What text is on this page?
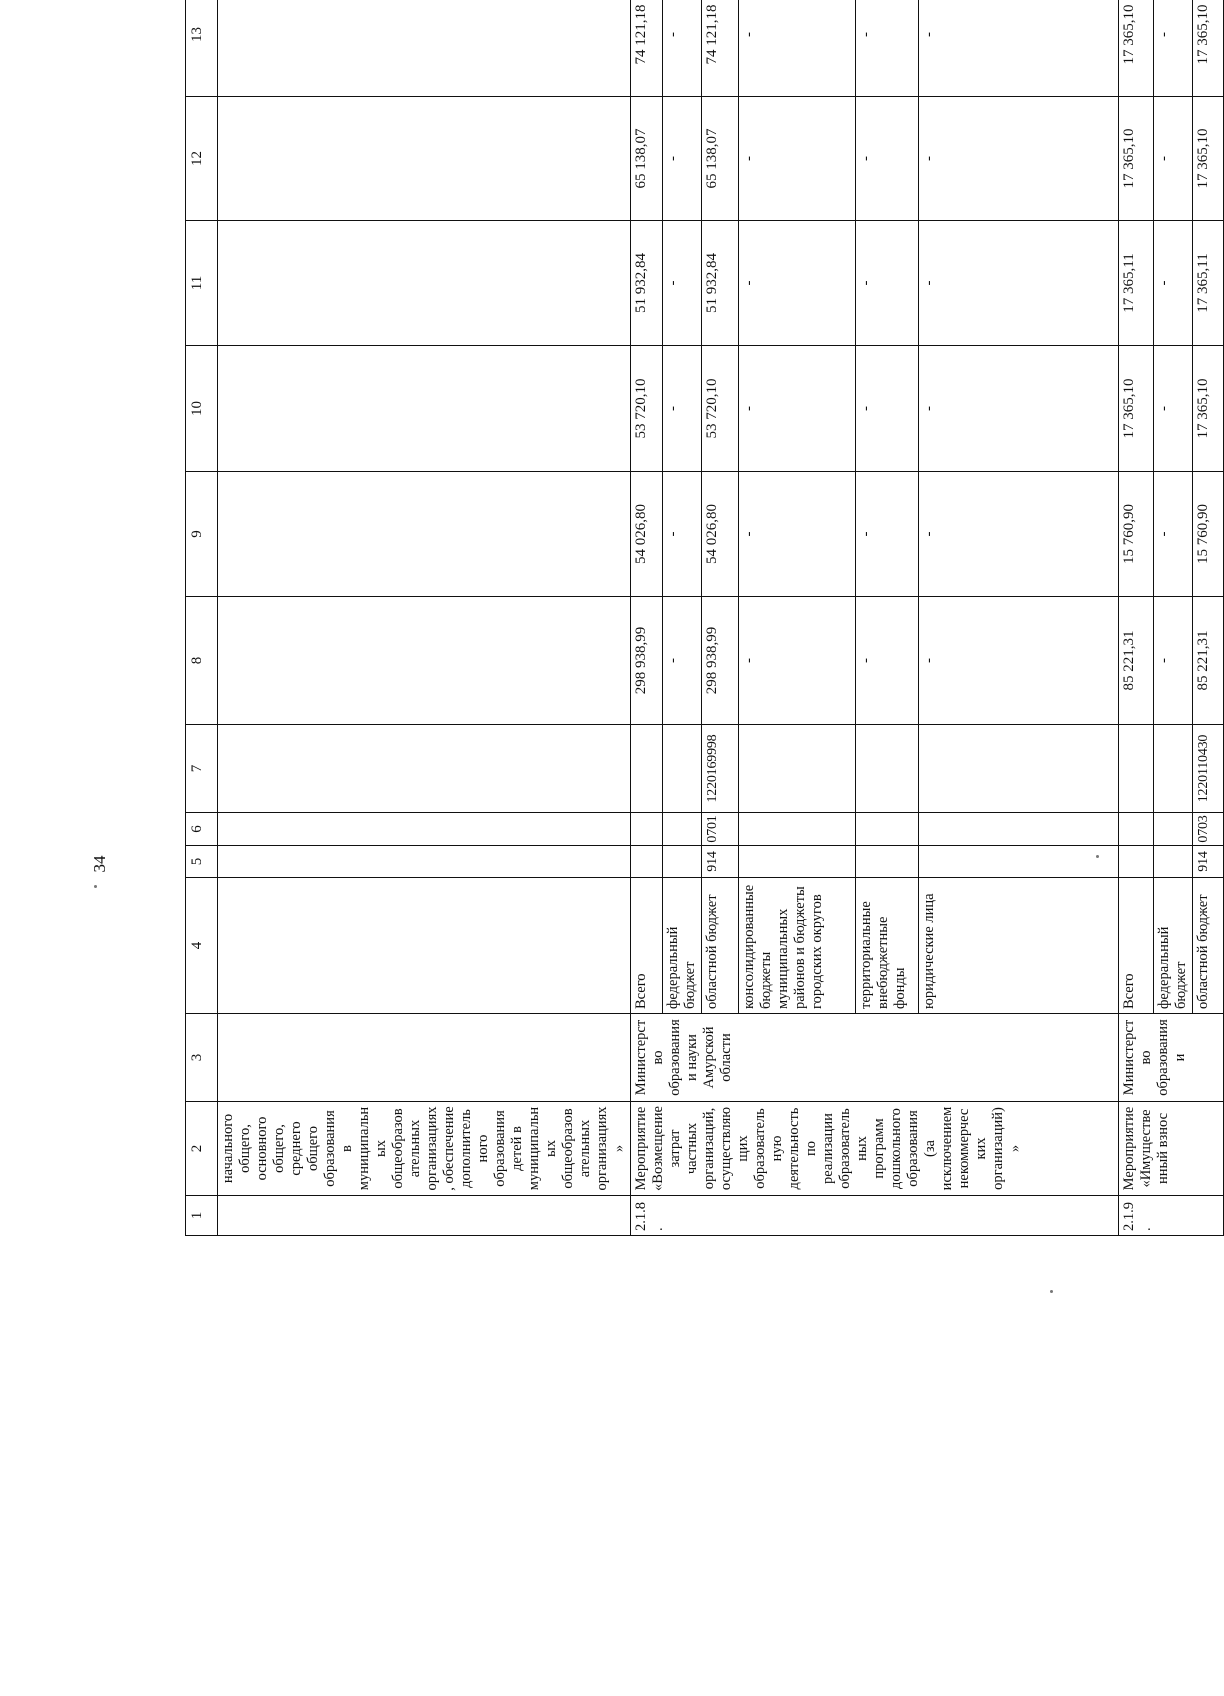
34
1	2	3	4	5	6	7	8	9	10	11	12	13
	начального общего, основного общего, среднего общего образования в муниципальных общеобразовательных организациях, обеспечение дополнительного образования детей в муниципальных общеобразовательных организациях»											
2.1.8.	Мероприятие «Возмещение затрат частных организаций, осуществляющих образовательную деятельность по реализации образовательных программ дошкольного образования (за исключением некоммерческих организаций)»	Министерство образования и науки Амурской области	Всего				298 938,99	54 026,80	53 720,10	51 932,84	65 138,07	74 121,18
			федеральный бюджет				-	-	-	-	-	-
			областной бюджет	914	0701	1220169998	298 938,99	54 026,80	53 720,10	51 932,84	65 138,07	74 121,18
			консолидированные бюджеты муниципальных районов и бюджеты городских округов				-	-	-	-	-	-
			территориальные внебюджетные фонды				-	-	-	-	-	-
			юридические лица				-	-	-	-	-	-
2.1.9.	Мероприятие «Имущественный взнос	Министерство образования и	Всего				85 221,31	15 760,90	17 365,10	17 365,11	17 365,10	17 365,10
			федеральный бюджет				-	-	-	-	-	-
			областной бюджет	914	0703	1220110430	85 221,31	15 760,90	17 365,10	17 365,11	17 365,10	17 365,10
